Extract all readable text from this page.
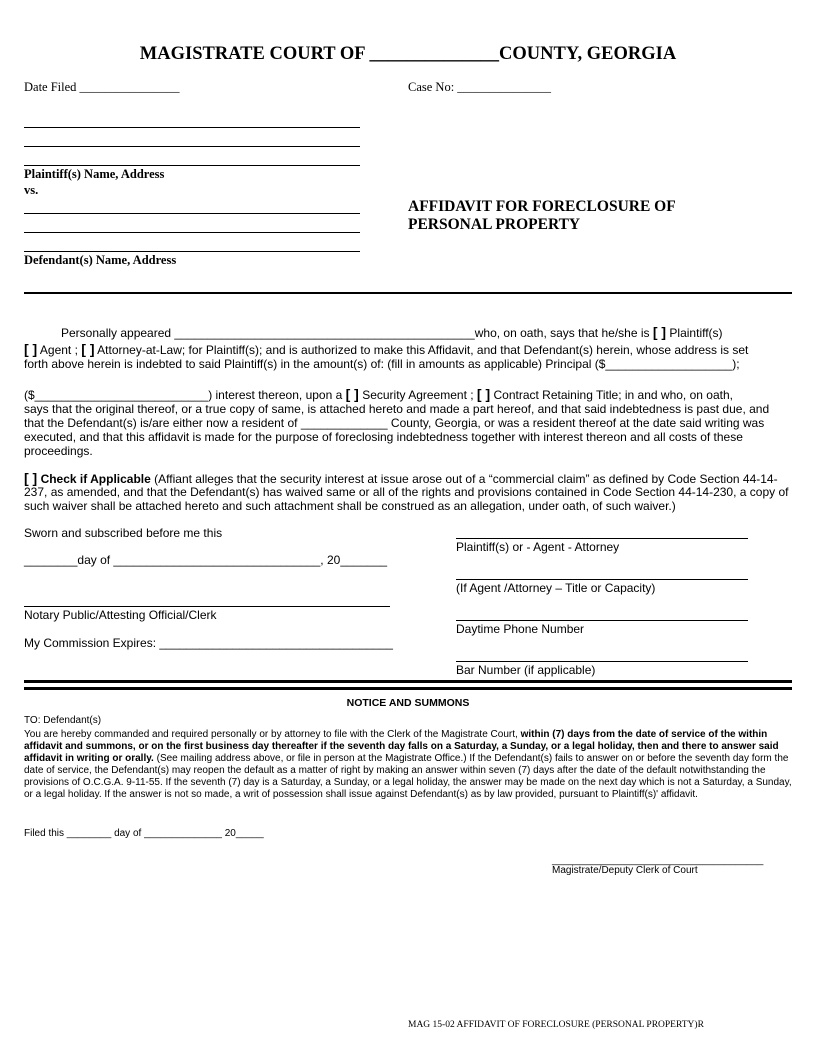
MAGISTRATE COURT OF ______________COUNTY, GEORGIA
Date Filed ________________	Case No: _______________
Plaintiff(s) Name, Address
vs.
Defendant(s) Name, Address
AFFIDAVIT FOR FORECLOSURE OF
PERSONAL PROPERTY
Personally appeared _____________________________________________who, on oath, says that he/she is [ ] Plaintiff(s)
[ ] Agent ; [ ] Attorney-at-Law; for Plaintiff(s); and is authorized to make this Affidavit, and that Defendant(s) herein, whose address is set
forth above herein is indebted to said Plaintiff(s) in the amount(s) of: (fill in amounts as applicable) Principal ($___________________);
($__________________________) interest thereon, upon a [ ] Security Agreement ; [ ] Contract Retaining Title; in and who, on oath,
says that the original thereof, or a true copy of same, is attached hereto and made a part hereof, and that said indebtedness is past due, and
that the Defendant(s) is/are either now a resident of _____________ County, Georgia, or was a resident thereof at the date said writing was
executed, and that this affidavit is made for the purpose of foreclosing indebtedness together with interest thereon and all costs of these
proceedings.
[ ] Check if Applicable (Affiant alleges that the security interest at issue arose out of a “commercial claim” as defined by Code Section 44-14-
237, as amended, and that the Defendant(s) has waived same or all of the rights and provisions contained in Code Section 44-14-230, a copy of
such waiver shall be attached hereto and such attachment shall be construed as an allegation, under oath, of such waiver.)
Sworn and subscribed before me this
________day of _______________________________, 20_______
Notary Public/Attesting Official/Clerk
My Commission Expires: ___________________________________
Plaintiff(s) or - Agent - Attorney
(If Agent /Attorney – Title or Capacity)
Daytime Phone Number
Bar Number (if applicable)
NOTICE AND SUMMONS
TO: Defendant(s)
You are hereby commanded and required personally or by attorney to file with the Clerk of the Magistrate Court, within (7) days from the date of service of the within affidavit and summons, or on the first business day thereafter if the seventh day falls on a Saturday, a Sunday, or a legal holiday, then and there to answer said affidavit in writing or orally. (See mailing address above, or file in person at the Magistrate Office.) If the Defendant(s) fails to answer on or before the seventh day form the date of service, the Defendant(s) may reopen the default as a matter of right by making an answer within seven (7) days after the date of the default notwithstanding the provisions of O.C.G.A. 9-11-55. If the seventh (7) day is a Saturday, a Sunday, or a legal holiday, the answer may be made on the next day which is not a Saturday, a Sunday, or a legal holiday. If the answer is not so made, a writ of possession shall issue against Defendant(s) as by law provided, pursuant to Plaintiff(s)' affidavit.
Filed this ________ day of ______________ 20_____
______________________________________
Magistrate/Deputy Clerk of Court
MAG 15-02 AFFIDAVIT OF FORECLOSURE (PERSONAL PROPERTY)R
